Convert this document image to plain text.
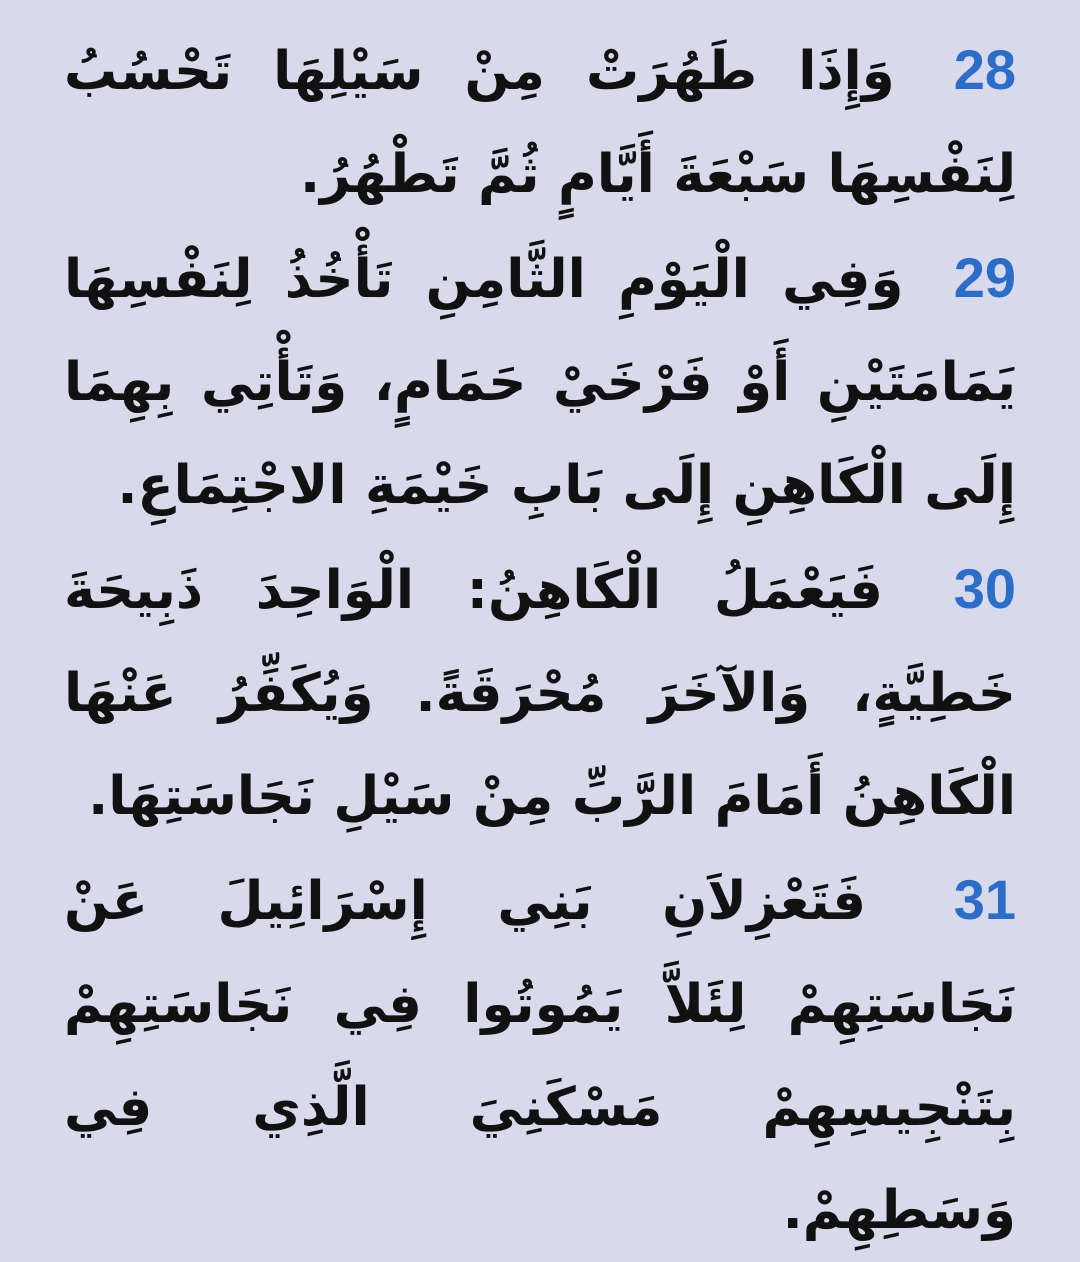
28 وَإِذَا طَهُرَتْ مِنْ سَيْلِهَا تَحْسُبُ لِنَفْسِهَا سَبْعَةَ أَيَّامٍ ثُمَّ تَطْهُرُ.

29 وَفِي الْيَوْمِ الثَّامِنِ تَأْخُذُ لِنَفْسِهَا يَمَامَتَيْنِ أَوْ فَرْخَيْ حَمَامٍ، وَتَأْتِي بِهِمَا إِلَى الْكَاهِنِ إِلَى بَابِ خَيْمَةِ الاجْتِمَاعِ.

30 فَيَعْمَلُ الْكَاهِنُ: الْوَاحِدَ ذَبِيحَةَ خَطِيَّةٍ، وَالآخَرَ مُحْرَقَةً. وَيُكَفِّرُ عَنْهَا الْكَاهِنُ أَمَامَ الرَّبِّ مِنْ سَيْلِ نَجَاسَتِهَا.

31 فَتَعْزِلاَنِ بَنِي إِسْرَائِيلَ عَنْ نَجَاسَتِهِمْ لِئَلاَّ يَمُوتُوا فِي نَجَاسَتِهِمْ بِتَنْجِيسِهِمْ مَسْكَنِيَ الَّذِي فِي وَسَطِهِمْ.
